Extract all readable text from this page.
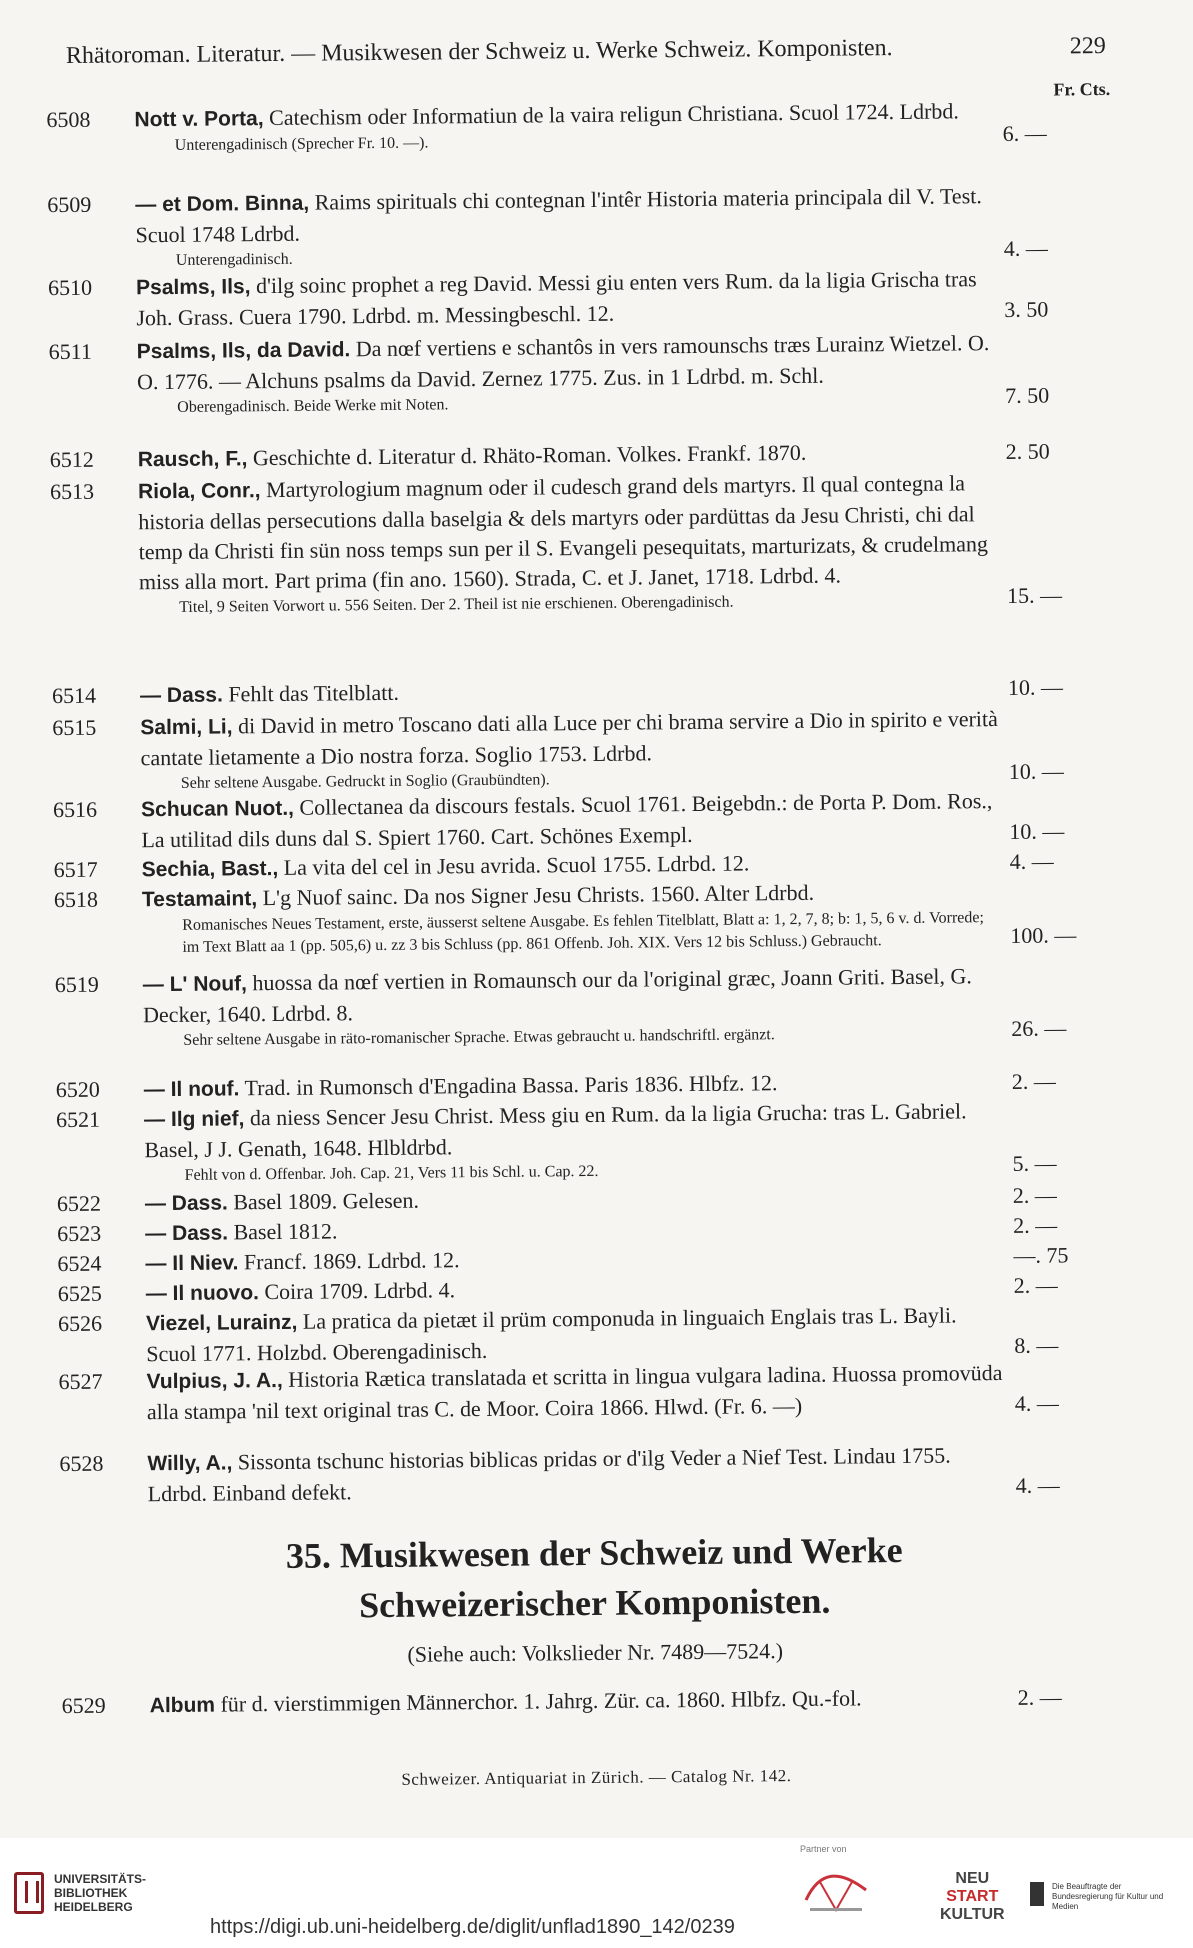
Rhätoroman. Literatur. — Musikwesen der Schweiz u. Werke Schweiz. Komponisten.	229
Fr. Cts.
6508	Nott v. Porta, Catechism oder Informatiun de la vaira religun Christiana. Scuol 1724. Ldrbd.
Unterengadinisch (Sprecher Fr. 10. —).	6. —
6509	— et Dom. Binna, Raims spirituals chi contegnan l'intêr Historia materia principala dil V. Test. Scuol 1748 Ldrbd.
Unterengadinisch.	4. —
6510	Psalms, Ils, d'ilg soinc prophet a reg David. Messi giu enten vers Rum. da la ligia Grischa tras Joh. Grass. Cuera 1790. Ldrbd. m. Messingbeschl. 12.	3. 50
6511	Psalms, Ils, da David. Da nœf vertiens e schantôs in vers ramounschs træs Lurainz Wietzel. O. O. 1776. — Alchuns psalms da David. Zernez 1775. Zus. in 1 Ldrbd. m. Schl.
Oberengadinisch. Beide Werke mit Noten.	7. 50
6512	Rausch, F., Geschichte d. Literatur d. Rhäto-Roman. Volkes. Frankf. 1870.	2. 50
6513	Riola, Conr., Martyrologium magnum oder il cudesch grand dels martyrs. Il qual contegna la historia dellas persecutions dalla baselgia & dels martyrs oder pardüttas da Jesu Christi, chi dal temp da Christi fin sün noss temps sun per il S. Evangeli pesequitats, marturizats, & crudelmang miss alla mort. Part prima (fin ano. 1560). Strada, C. et J. Janet, 1718. Ldrbd. 4.
Titel, 9 Seiten Vorwort u. 556 Seiten. Der 2. Theil ist nie erschienen. Oberengadinisch.	15. —
6514	— Dass. Fehlt das Titelblatt.	10. —
6515	Salmi, Li, di David in metro Toscano dati alla Luce per chi brama servire a Dio in spirito e verità cantate lietamente a Dio nostra forza. Soglio 1753. Ldrbd.
Sehr seltene Ausgabe. Gedruckt in Soglio (Graubündten).	10. —
6516	Schucan Nuot., Collectanea da discours festals. Scuol 1761. Beigebdn.: de Porta P. Dom. Ros., La utilitad dils duns dal S. Spiert 1760. Cart. Schönes Exempl.	10. —
6517	Sechia, Bast., La vita del cel in Jesu avrida. Scuol 1755. Ldrbd. 12.	4. —
6518	Testamaint, L'g Nuof sainc. Da nos Signer Jesu Christs. 1560. Alter Ldrbd.
Romanisches Neues Testament, erste, äusserst seltene Ausgabe. Es fehlen Titelblatt, Blatt a: 1, 2, 7, 8; b: 1, 5, 6 v. d. Vorrede; im Text Blatt aa 1 (pp. 505,6) u. zz 3 bis Schluss (pp. 861 Offenb. Joh. XIX. Vers 12 bis Schluss.) Gebraucht.	100. —
6519	— L' Nouf, huossa da nœf vertien in Romaunsch our da l'original græc, Joann Griti. Basel, G. Decker, 1640. Ldrbd. 8.
Sehr seltene Ausgabe in räto-romanischer Sprache. Etwas gebraucht u. handschriftl. ergänzt.	26. —
6520	— Il nouf. Trad. in Rumonsch d'Engadina Bassa. Paris 1836. Hlbfz. 12.	2. —
6521	— Ilg nief, da niess Sencer Jesu Christ. Mess giu en Rum. da la ligia Grucha: tras L. Gabriel. Basel, J J. Genath, 1648. Hlbldrbd.
Fehlt von d. Offenbar. Joh. Cap. 21, Vers 11 bis Schl. u. Cap. 22.	5. —
6522	— Dass. Basel 1809. Gelesen.	2. —
6523	— Dass. Basel 1812.	2. —
6524	— Il Niev. Francf. 1869. Ldrbd. 12.	—. 75
6525	— Il nuovo. Coira 1709. Ldrbd. 4.	2. —
6526	Viezel, Lurainz, La pratica da pietæt il prüm componuda in linguaich Englais tras L. Bayli. Scuol 1771. Holzbd. Oberengadinisch.	8. —
6527	Vulpius, J. A., Historia Rætica translatada et scritta in lingua vulgara ladina. Huossa promovüda alla stampa 'nil text original tras C. de Moor. Coira 1866. Hlwd. (Fr. 6. —)	4. —
6528	Willy, A., Sissonta tschunc historias biblicas pridas or d'ilg Veder a Nief Test. Lindau 1755. Ldrbd. Einband defekt.	4. —
35. Musikwesen der Schweiz und Werke
Schweizerischer Komponisten.
(Siehe auch: Volkslieder Nr. 7489—7524.)
6529	Album für d. vierstimmigen Männerchor. 1. Jahrg. Zür. ca. 1860. Hlbfz. Qu.-fol.	2. —
Schweizer. Antiquariat in Zürich. — Catalog Nr. 142.
UNIVERSITÄTS-
BIBLIOTHEK
HEIDELBERG
Partner von
NEU
START
KULTUR
Die Beauftragte der Bundesregierung für Kultur und Medien
https://digi.ub.uni-heidelberg.de/diglit/unflad1890_142/0239
